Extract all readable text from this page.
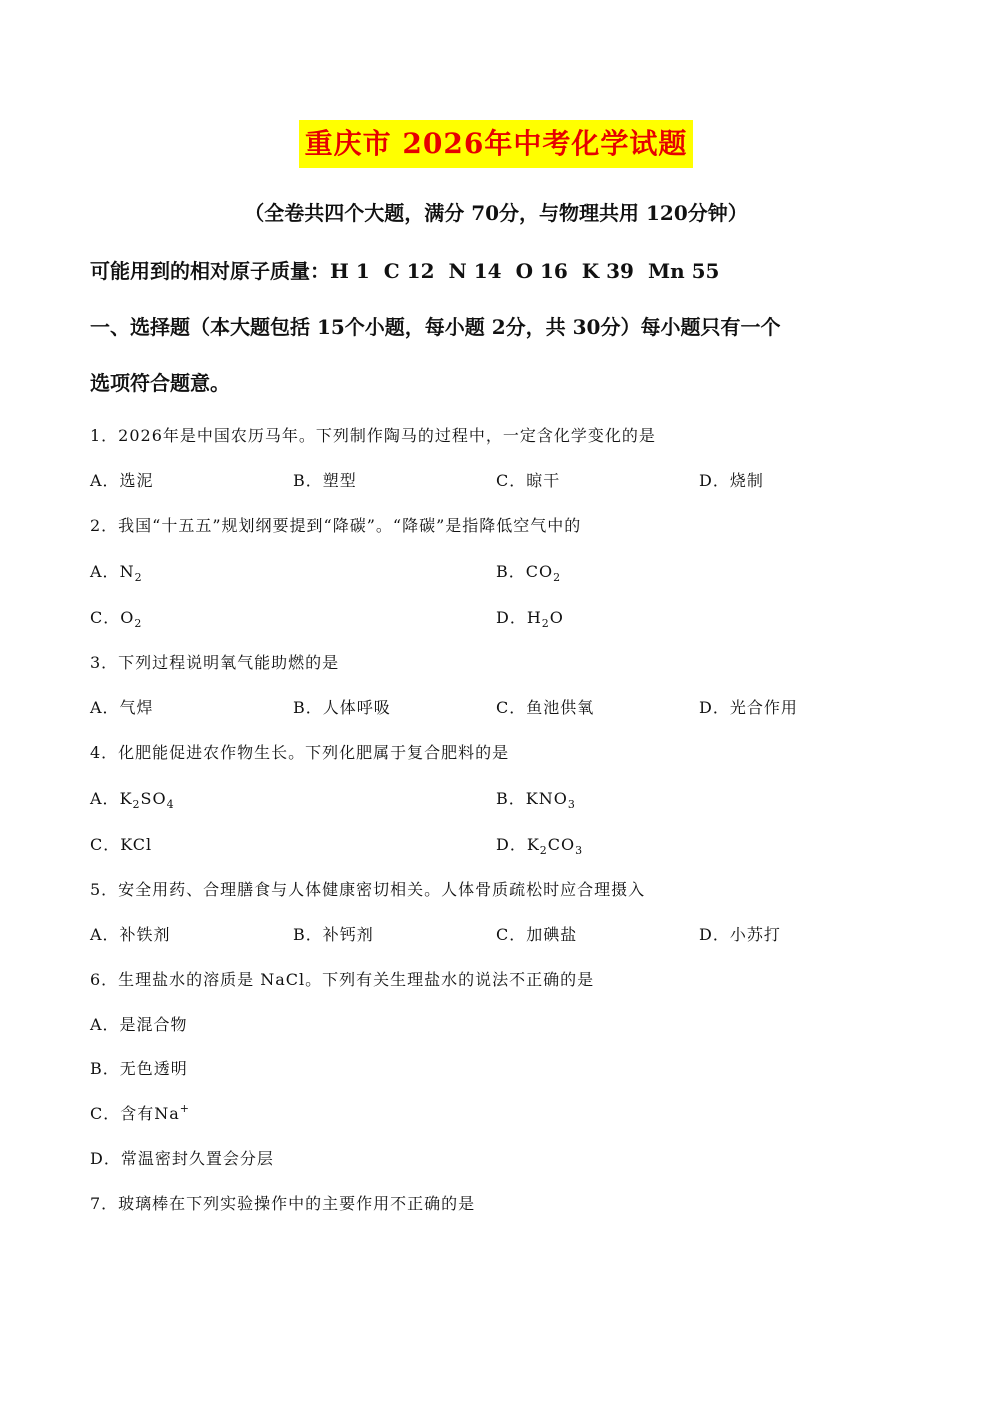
重庆市 2026年中考化学试题
（全卷共四个大题，满分 70分，与物理共用 120分钟）
可能用到的相对原子质量：H 1 C 12 N 14 O 16 K 39 Mn 55
一、选择题（本大题包括 15个小题，每小题 2分，共 30分）每小题只有一个
选项符合题意。
1．2026年是中国农历马年。下列制作陶马的过程中，一定含化学变化的是
A．选泥	B．塑型	C．晾干	D．烧制
2．我国“十五五”规划纲要提到“降碳”。“降碳”是指降低空气中的
A．$N_2$	B．$CO_2$
C．$O_2$	D．$H_2O$
3．下列过程说明氧气能助燃的是
A．气焊	B．人体呼吸	C．鱼池供氧	D．光合作用
4．化肥能促进农作物生长。下列化肥属于复合肥料的是
A．$K_2SO_4$	B．$KNO_3$
C．KCl	D．$K_2CO_3$
5．安全用药、合理膳食与人体健康密切相关。人体骨质疏松时应合理摄入
A．补铁剂	B．补钙剂	C．加碘盐	D．小苏打
6．生理盐水的溶质是 NaCl。下列有关生理盐水的说法不正确的是
A．是混合物
B．无色透明
C．含有Na+
D．常温密封久置会分层
7．玻璃棒在下列实验操作中的主要作用不正确的是
